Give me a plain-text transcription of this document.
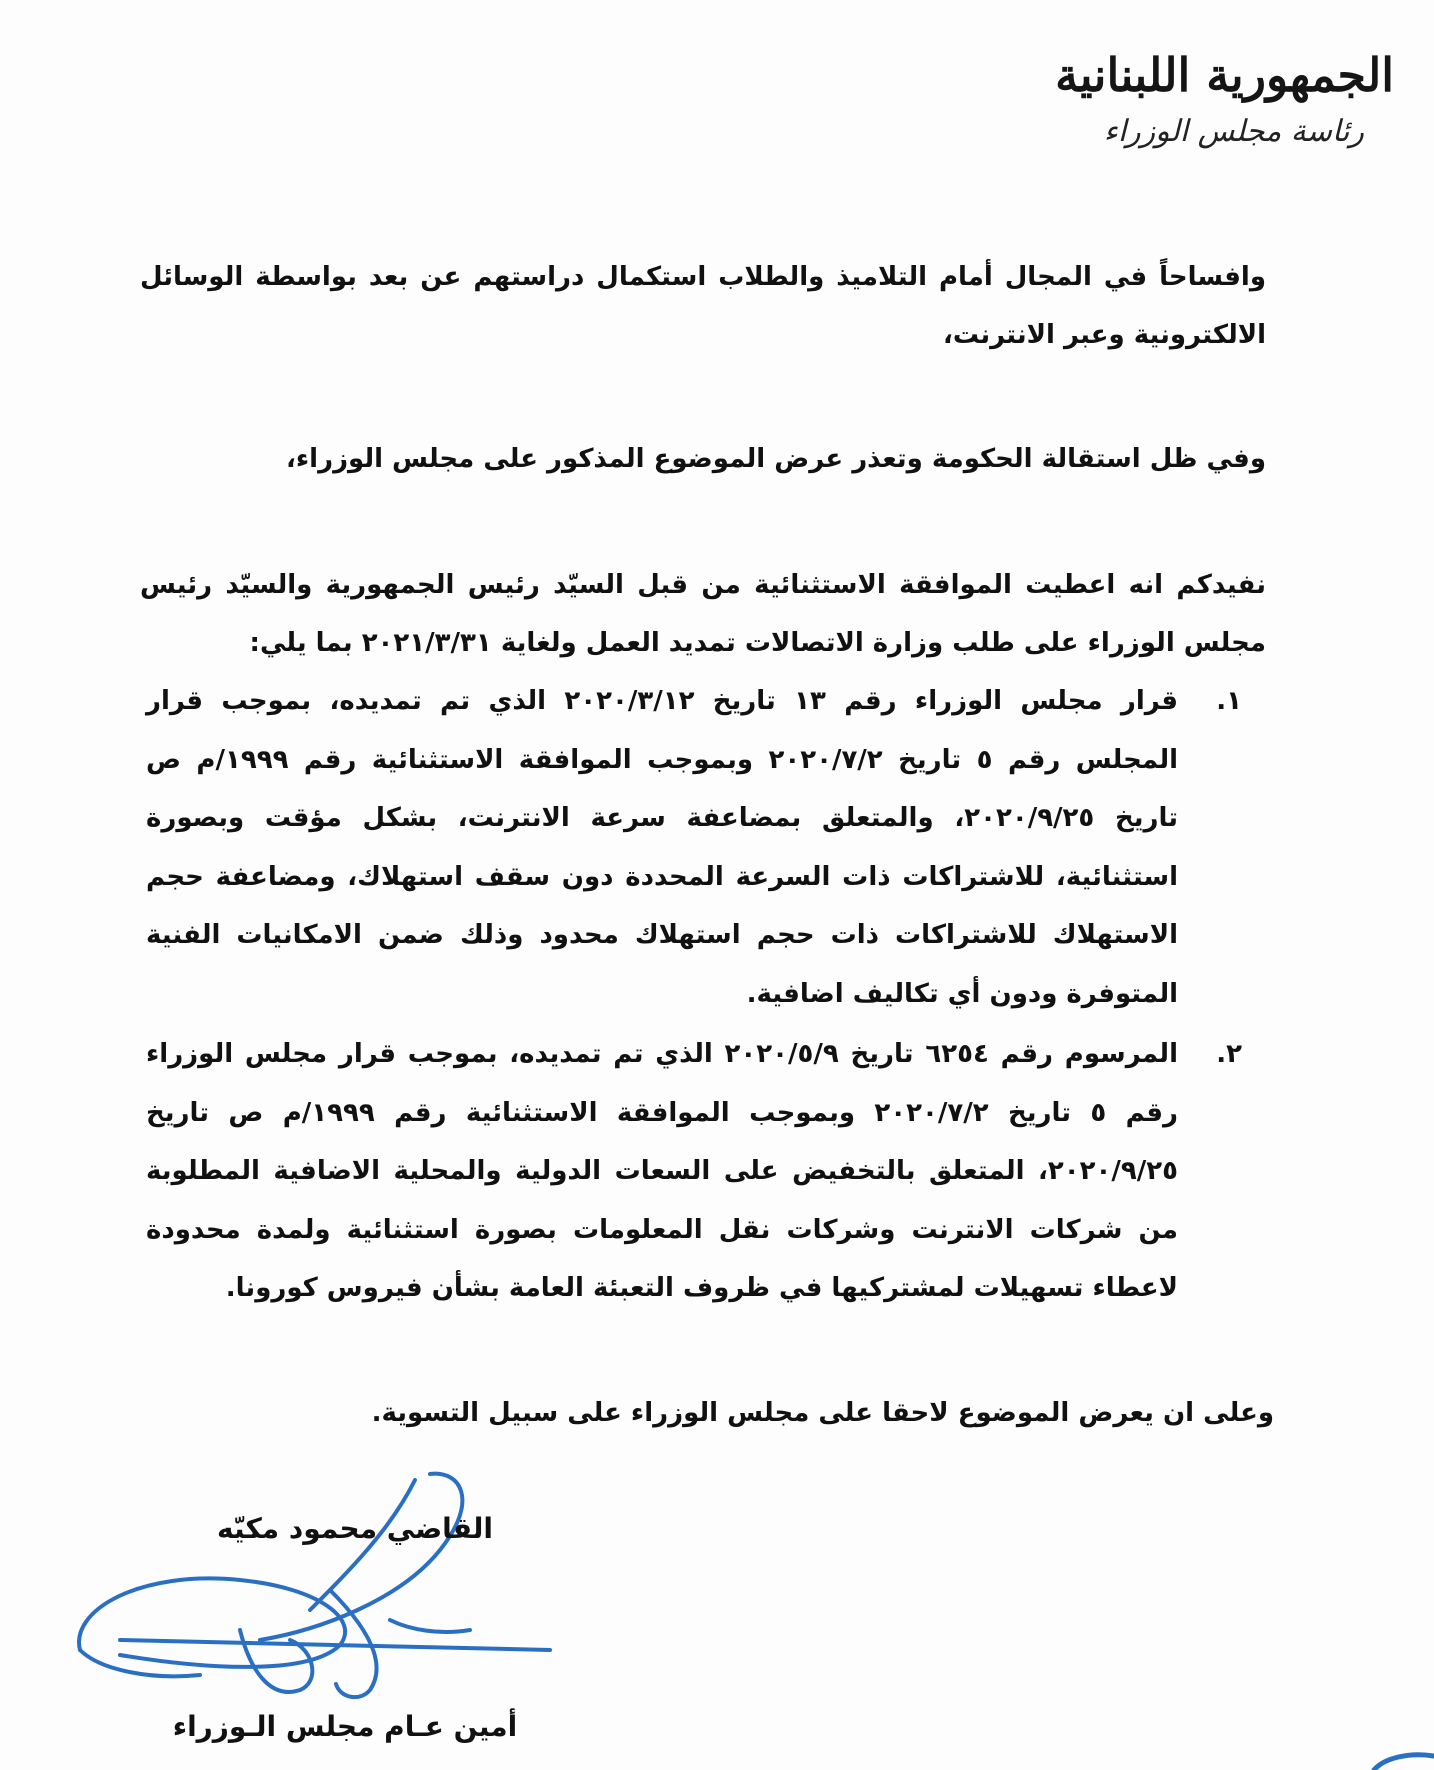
الجمهورية اللبنانية
رئاسة مجلس الوزراء

وافساحاً في المجال أمام التلاميذ والطلاب استكمال دراستهم عن بعد بواسطة الوسائل الالكترونية وعبر الانترنت،

وفي ظل استقالة الحكومة وتعذر عرض الموضوع المذكور على مجلس الوزراء،

نفيدكم انه اعطيت الموافقة الاستثنائية من قبل السيّد رئيس الجمهورية والسيّد رئيس مجلس الوزراء على طلب وزارة الاتصالات تمديد العمل ولغاية ٢٠٢١/٣/٣١ بما يلي:

١.

قرار مجلس الوزراء رقم ١٣ تاريخ ٢٠٢٠/٣/١٢ الذي تم تمديده، بموجب قرار المجلس رقم ٥ تاريخ ٢٠٢٠/٧/٢ وبموجب الموافقة الاستثنائية رقم ١٩٩٩/م ص تاريخ ٢٠٢٠/٩/٢٥، والمتعلق بمضاعفة سرعة الانترنت، بشكل مؤقت وبصورة استثنائية، للاشتراكات ذات السرعة المحددة دون سقف استهلاك، ومضاعفة حجم الاستهلاك للاشتراكات ذات حجم استهلاك محدود وذلك ضمن الامكانيات الفنية المتوفرة ودون أي تكاليف اضافية.

٢.

المرسوم رقم ٦٢٥٤ تاريخ ٢٠٢٠/٥/٩ الذي تم تمديده، بموجب قرار مجلس الوزراء رقم ٥ تاريخ ٢٠٢٠/٧/٢ وبموجب الموافقة الاستثنائية رقم ١٩٩٩/م ص تاريخ ٢٠٢٠/٩/٢٥، المتعلق بالتخفيض على السعات الدولية والمحلية الاضافية المطلوبة من شركات الانترنت وشركات نقل المعلومات بصورة استثنائية ولمدة محدودة لاعطاء تسهيلات لمشتركيها في ظروف التعبئة العامة بشأن فيروس كورونا.

وعلى ان يعرض الموضوع لاحقا على مجلس الوزراء على سبيل التسوية.

القاضي محمود مكيّه
أمين عـام مجلس الـوزراء
